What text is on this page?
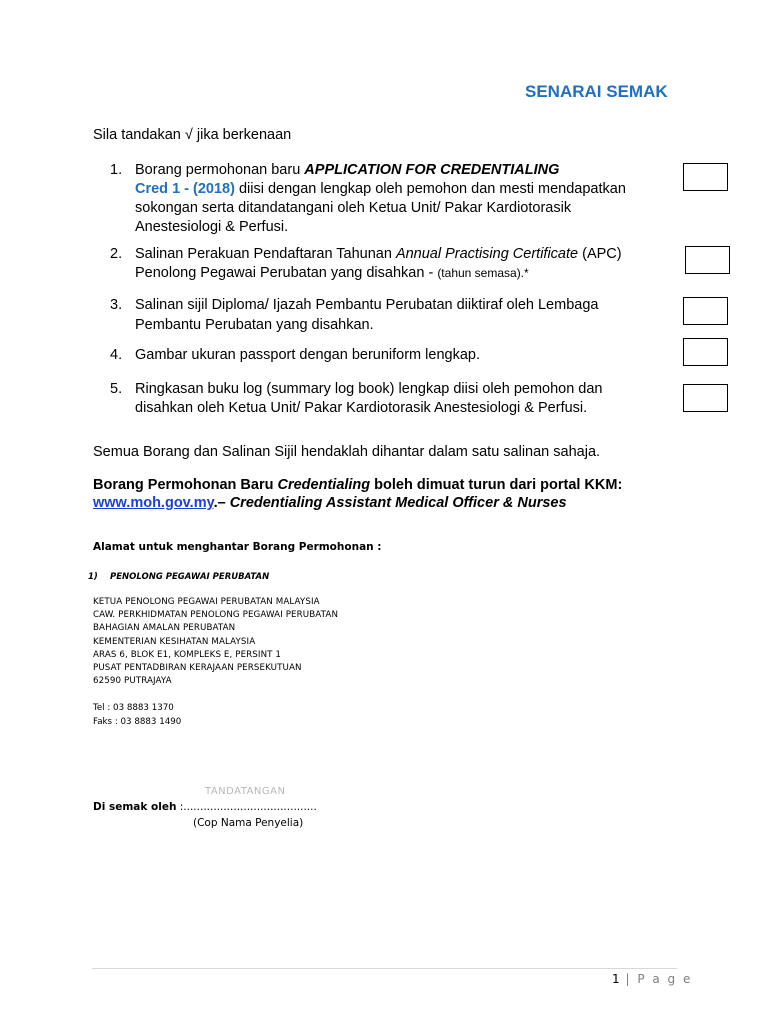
SENARAI SEMAK
Sila tandakan √ jika berkenaan
1. Borang permohonan baru APPLICATION FOR CREDENTIALING
Cred 1 - (2018) diisi dengan lengkap oleh pemohon dan mesti mendapatkan
sokongan serta ditandatangani oleh Ketua Unit/ Pakar Kardiotorasik
Anestesiologi & Perfusi.
2. Salinan Perakuan Pendaftaran Tahunan Annual Practising Certificate (APC)
Penolong Pegawai Perubatan yang disahkan - (tahun semasa).*
3. Salinan sijil Diploma/ Ijazah Pembantu Perubatan diiktiraf oleh Lembaga
Pembantu Perubatan yang disahkan.
4. Gambar ukuran passport dengan beruniform lengkap.
5. Ringkasan buku log (summary log book) lengkap diisi oleh pemohon dan
disahkan oleh Ketua Unit/ Pakar Kardiotorasik Anestesiologi & Perfusi.
Semua Borang dan Salinan Sijil hendaklah dihantar dalam satu salinan sahaja.
Borang Permohonan Baru Credentialing boleh dimuat turun dari portal KKM:
www.moh.gov.my.– Credentialing Assistant Medical Officer & Nurses
Alamat untuk menghantar Borang Permohonan :
1) PENOLONG PEGAWAI PERUBATAN
KETUA PENOLONG PEGAWAI PERUBATAN MALAYSIA
CAW. PERKHIDMATAN PENOLONG PEGAWAI PERUBATAN
BAHAGIAN AMALAN PERUBATAN
KEMENTERIAN KESIHATAN MALAYSIA
ARAS 6, BLOK E1, KOMPLEKS E, PERSINT 1
PUSAT PENTADBIRAN KERAJAAN PERSEKUTUAN
62590 PUTRAJAYA
Tel : 03 8883 1370
Faks : 03 8883 1490
TANDATANGAN
Di semak oleh :........................................
(Cop Nama Penyelia)
1 | P a g e
